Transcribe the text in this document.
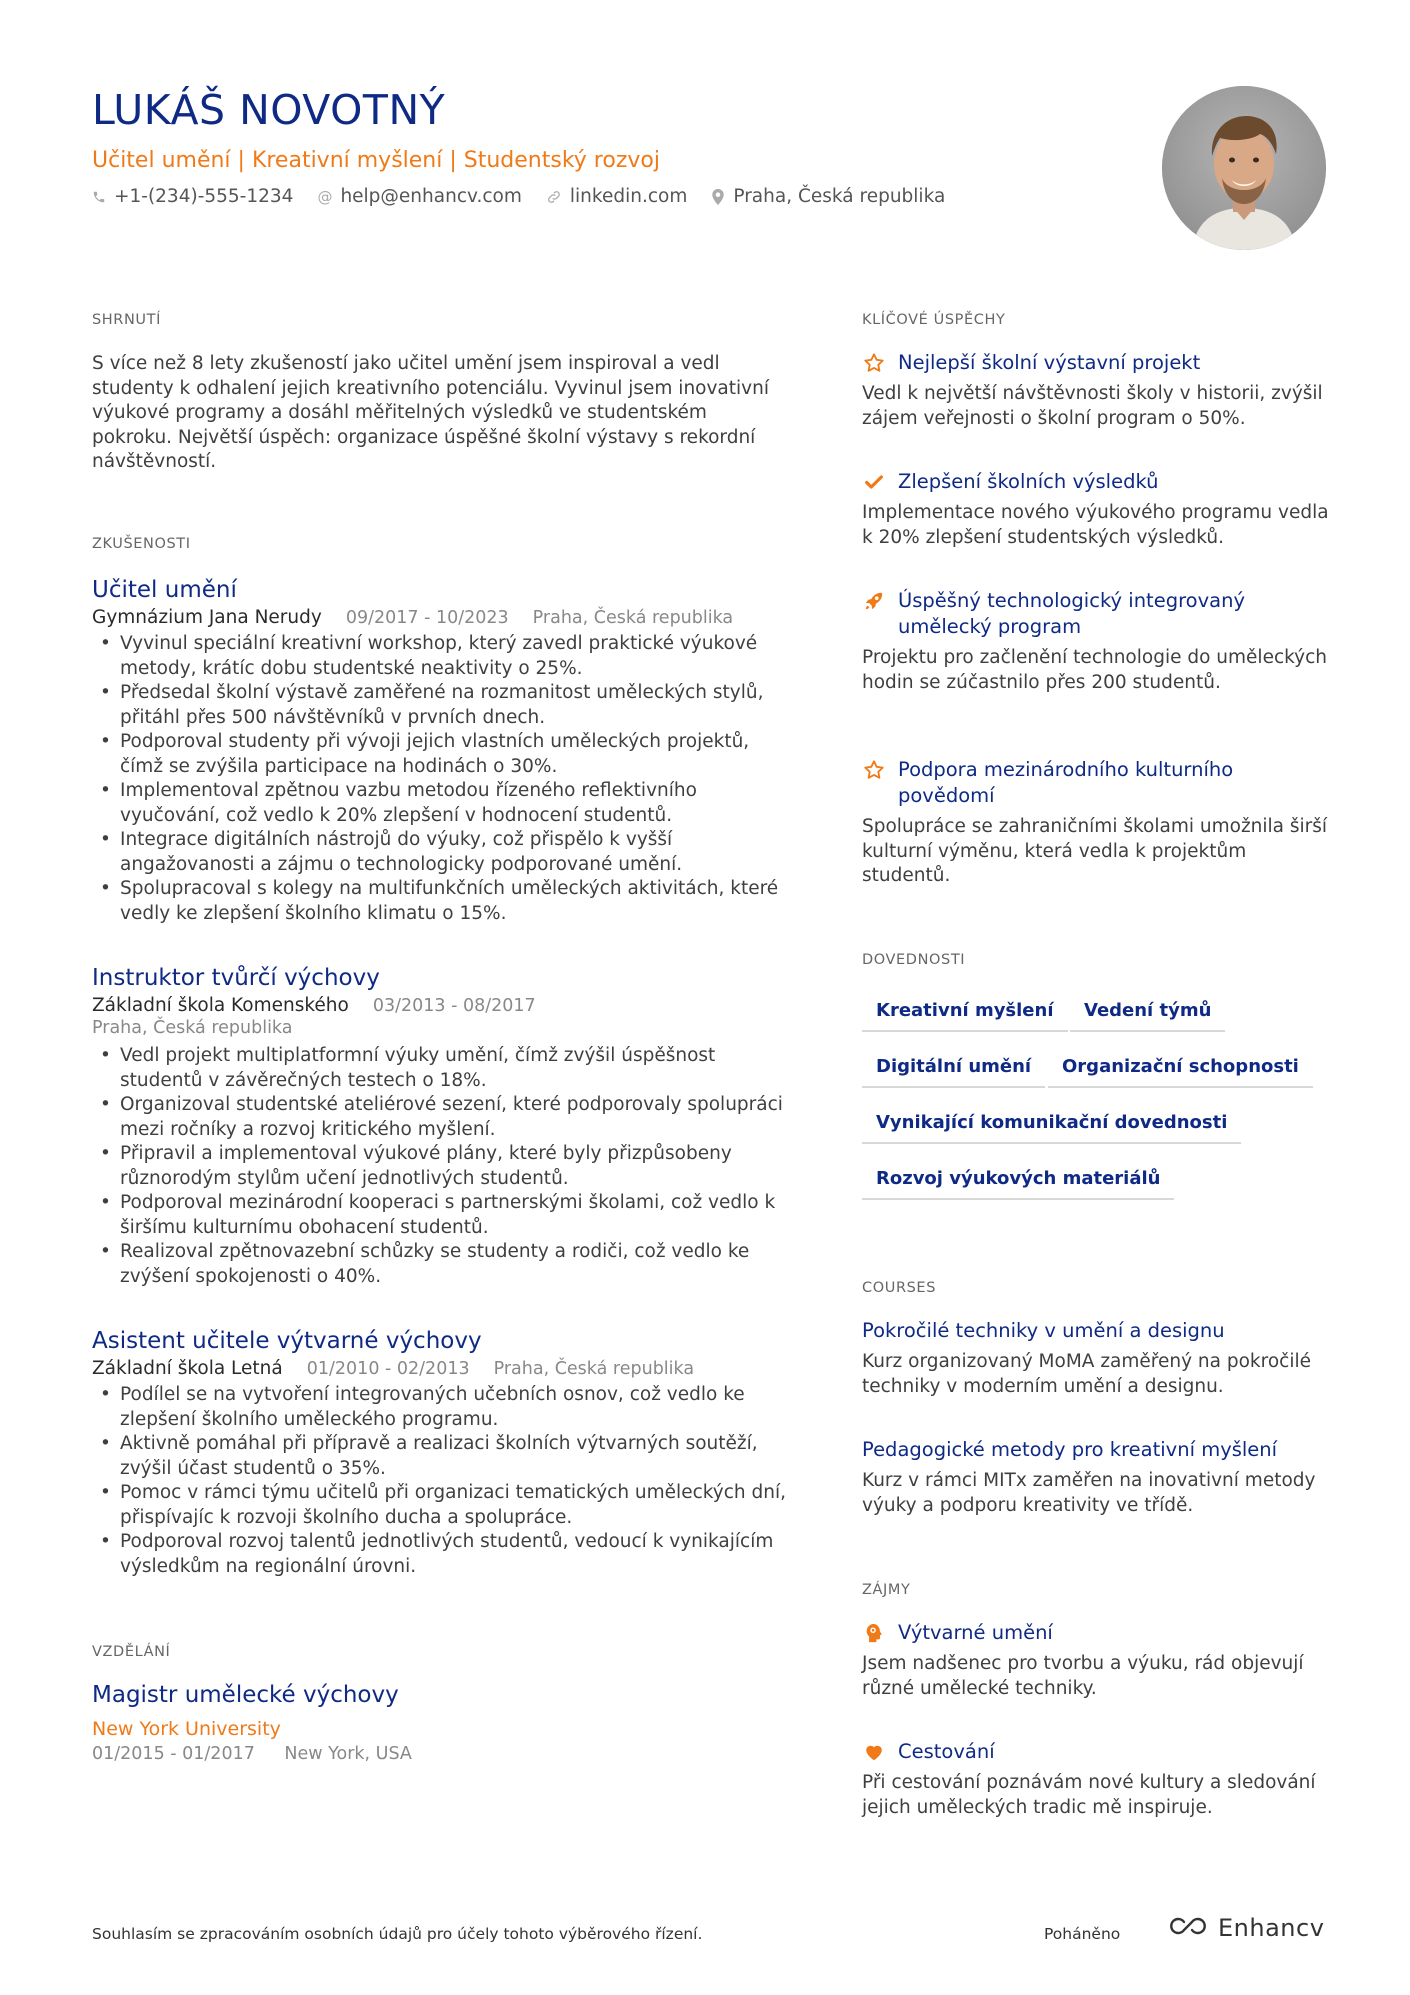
LUKÁŠ NOVOTNÝ
Učitel umění | Kreativní myšlení | Studentský rozvoj
+1-(234)-555-1234 @ help@enhancv.com	linkedin.com Praha, Česká republika
SHRNUTÍ

S více než 8 lety zkušeností jako učitel umění jsem inspiroval a vedl studenty k odhalení jejich kreativního potenciálu. Vyvinul jsem inovativní výukové programy a dosáhl měřitelných výsledků ve studentském pokroku. Největší úspěch: organizace úspěšné školní výstavy s rekordní návštěvností.

ZKUŠENOSTI
Učitel umění
Gymnázium Jana Nerudy 09/2017 - 10/2023 Praha, Česká republika
• Vyvinul speciální kreativní workshop, který zavedl praktické výukové metody, krátíc dobu studentské neaktivity o 25%.
• Předsedal školní výstavě zaměřené na rozmanitost uměleckých stylů, přitáhl přes 500 návštěvníků v prvních dnech.
• Podporoval studenty při vývoji jejich vlastních uměleckých projektů, čímž se zvýšila participace na hodinách o 30%.
• Implementoval zpětnou vazbu metodou řízeného reflektivního vyučování, což vedlo k 20% zlepšení v hodnocení studentů.
• Integrace digitálních nástrojů do výuky, což přispělo k vyšší angažovanosti a zájmu o technologicky podporované umění.
• Spolupracoval s kolegy na multifunkčních uměleckých aktivitách, které vedly ke zlepšení školního klimatu o 15%.
Instruktor tvůrčí výchovy
Základní škola Komenského 03/2013 - 08/2017
Praha, Česká republika
• Vedl projekt multiplatformní výuky umění, čímž zvýšil úspěšnost studentů v závěrečných testech o 18%.
• Organizoval studentské ateliérové sezení, které podporovaly spolupráci mezi ročníky a rozvoj kritického myšlení.
• Připravil a implementoval výukové plány, které byly přizpůsobeny různorodým stylům učení jednotlivých studentů.
• Podporoval mezinárodní kooperaci s partnerskými školami, což vedlo k širšímu kulturnímu obohacení studentů.
• Realizoval zpětnovazební schůzky se studenty a rodiči, což vedlo ke zvýšení spokojenosti o 40%.
Asistent učitele výtvarné výchovy
Základní škola Letná 01/2010 - 02/2013 Praha, Česká republika
• Podílel se na vytvoření integrovaných učebních osnov, což vedlo ke zlepšení školního uměleckého programu.
• Aktivně pomáhal při přípravě a realizaci školních výtvarných soutěží, zvýšil účast studentů o 35%.
• Pomoc v rámci týmu učitelů při organizaci tematických uměleckých dní, přispívajíc k rozvoji školního ducha a spolupráce.
• Podporoval rozvoj talentů jednotlivých studentů, vedoucí k vynikajícím výsledkům na regionální úrovni.
VZDĚLÁNÍ
Magistr umělecké výchovy
New York University
01/2015 - 01/2017 New York, USA
KLÍČOVÉ ÚSPĚCHY
Nejlepší školní výstavní projekt
Vedl k největší návštěvnosti školy v historii, zvýšil zájem veřejnosti o školní program o 50%.
Zlepšení školních výsledků
Implementace nového výukového programu vedla k 20% zlepšení studentských výsledků.
Úspěšný technologický integrovaný umělecký program
Projektu pro začlenění technologie do uměleckých hodin se zúčastnilo přes 200 studentů.
Podpora mezinárodního kulturního povědomí
Spolupráce se zahraničními školami umožnila širší kulturní výměnu, která vedla k projektům studentů.
DOVEDNOSTI
Kreativní myšlení	Vedení týmů
Digitální umění	Organizační schopnosti
Vynikající komunikační dovednosti
Rozvoj výukových materiálů
COURSES
Pokročilé techniky v umění a designu
Kurz organizovaný MoMA zaměřený na pokročilé techniky v moderním umění a designu.
Pedagogické metody pro kreativní myšlení
Kurz v rámci MITx zaměřen na inovativní metody výuky a podporu kreativity ve třídě.
ZÁJMY
Výtvarné umění
Jsem nadšenec pro tvorbu a výuku, rád objevují různé umělecké techniky.
Cestování
Při cestování poznávám nové kultury a sledování jejich uměleckých tradic mě inspiruje.
Souhlasím se zpracováním osobních údajů pro účely tohoto výběrového řízení.	Poháněno	Enhancv
